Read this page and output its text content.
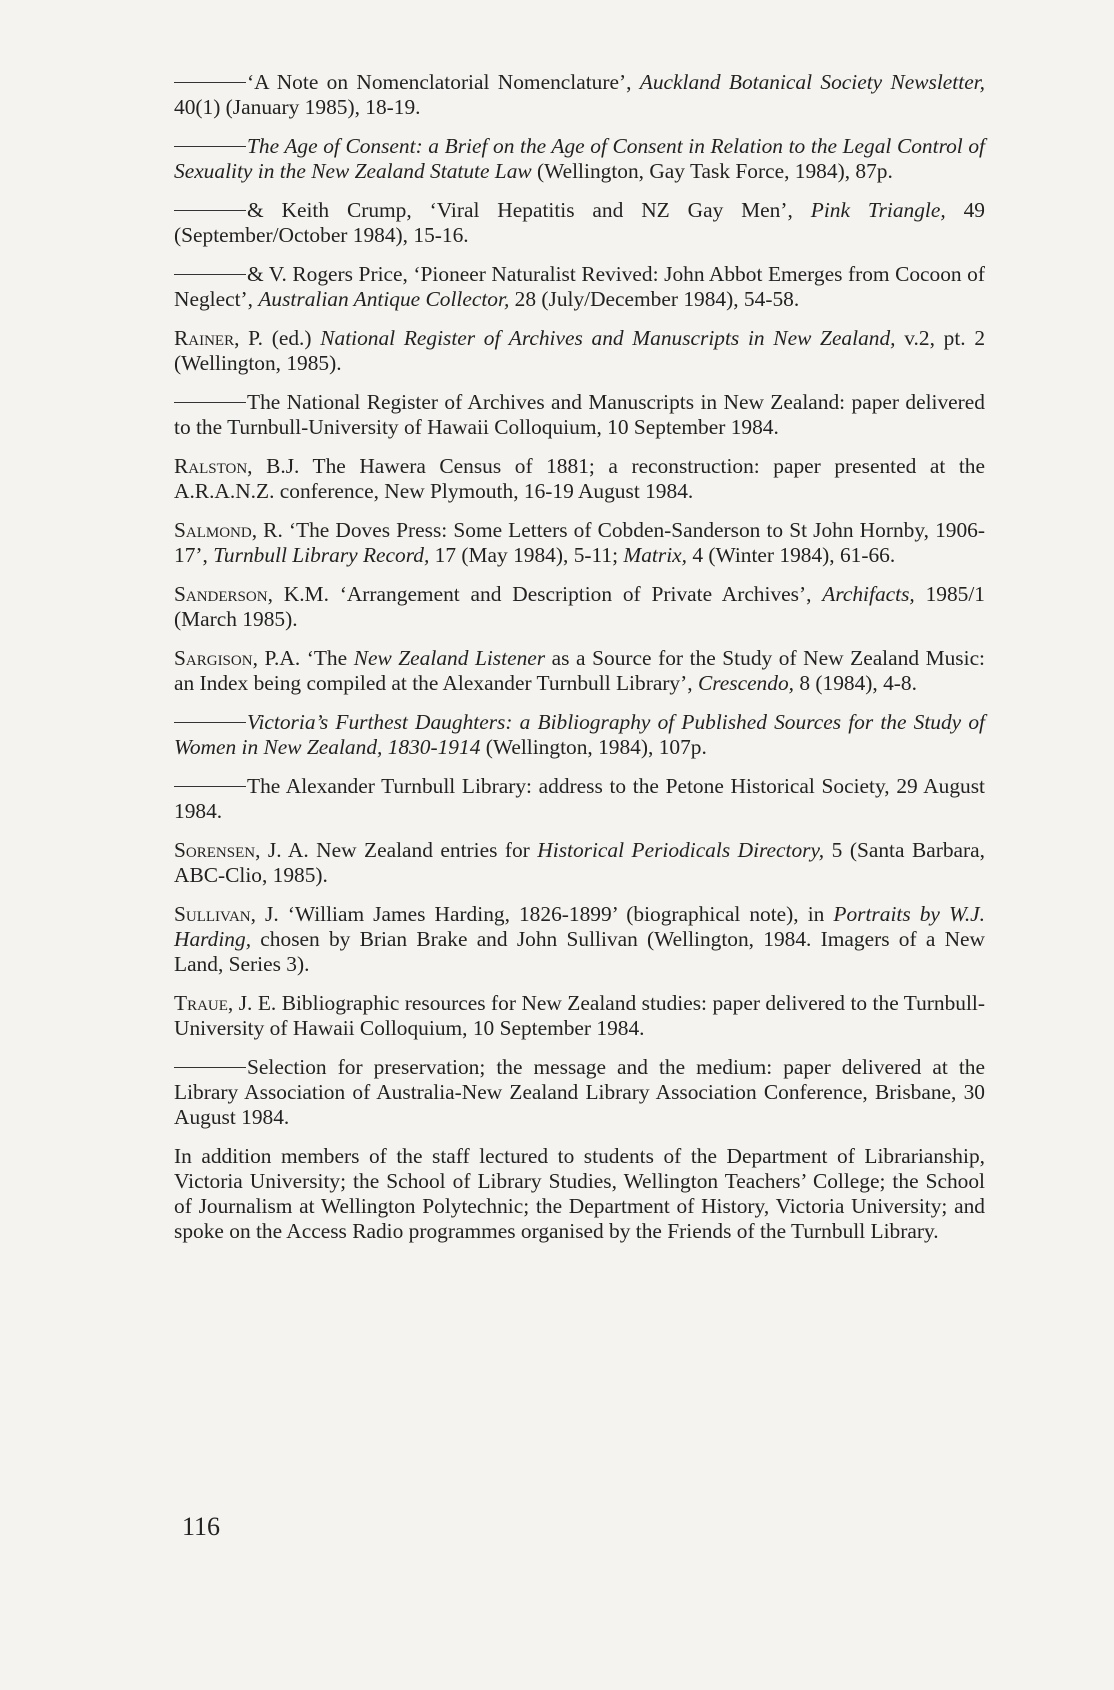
‘A Note on Nomenclatorial Nomenclature’, Auckland Botanical Society Newsletter, 40(1) (January 1985), 18-19.

The Age of Consent: a Brief on the Age of Consent in Relation to the Legal Control of Sexuality in the New Zealand Statute Law (Wellington, Gay Task Force, 1984), 87p.

& Keith Crump, ‘Viral Hepatitis and NZ Gay Men’, Pink Triangle, 49 (September/October 1984), 15-16.

& V. Rogers Price, ‘Pioneer Naturalist Revived: John Abbot Emerges from Cocoon of Neglect’, Australian Antique Collector, 28 (July/December 1984), 54-58.

Rainer, P. (ed.) National Register of Archives and Manuscripts in New Zealand, v.2, pt. 2 (Wellington, 1985).

The National Register of Archives and Manuscripts in New Zealand: paper delivered to the Turnbull-University of Hawaii Colloquium, 10 September 1984.

Ralston, B.J. The Hawera Census of 1881; a reconstruction: paper presented at the A.R.A.N.Z. conference, New Plymouth, 16-19 August 1984.

Salmond, R. ‘The Doves Press: Some Letters of Cobden-Sanderson to St John Hornby, 1906-17’, Turnbull Library Record, 17 (May 1984), 5-11; Matrix, 4 (Winter 1984), 61-66.

Sanderson, K.M. ‘Arrangement and Description of Private Archives’, Archifacts, 1985/1 (March 1985).

Sargison, P.A. ‘The New Zealand Listener as a Source for the Study of New Zealand Music: an Index being compiled at the Alexander Turnbull Library’, Crescendo, 8 (1984), 4-8.

Victoria’s Furthest Daughters: a Bibliography of Published Sources for the Study of Women in New Zealand, 1830-1914 (Wellington, 1984), 107p.

The Alexander Turnbull Library: address to the Petone Historical Society, 29 August 1984.

Sorensen, J. A. New Zealand entries for Historical Periodicals Directory, 5 (Santa Barbara, ABC-Clio, 1985).

Sullivan, J. ‘William James Harding, 1826-1899’ (biographical note), in Portraits by W.J. Harding, chosen by Brian Brake and John Sullivan (Wellington, 1984. Imagers of a New Land, Series 3).

Traue, J. E. Bibliographic resources for New Zealand studies: paper delivered to the Turnbull-University of Hawaii Colloquium, 10 September 1984.

Selection for preservation; the message and the medium: paper delivered at the Library Association of Australia-New Zealand Library Association Conference, Brisbane, 30 August 1984.

In addition members of the staff lectured to students of the Department of Librarianship, Victoria University; the School of Library Studies, Wellington Teachers’ College; the School of Journalism at Wellington Polytechnic; the Department of History, Victoria University; and spoke on the Access Radio programmes organised by the Friends of the Turnbull Library.

116
